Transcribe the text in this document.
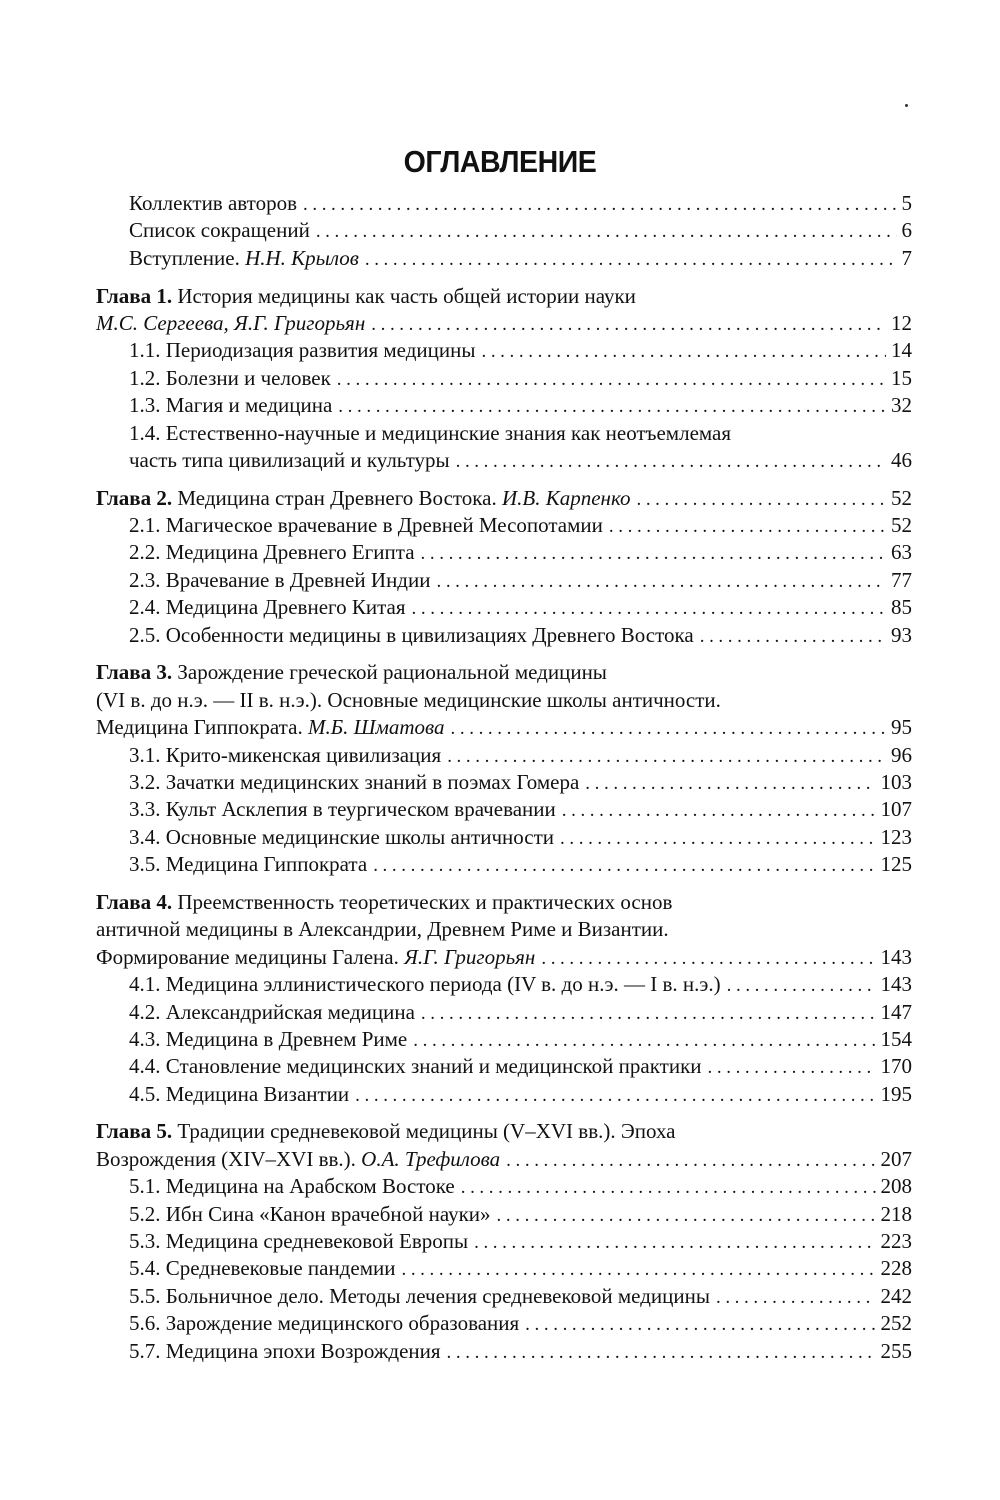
ОГЛАВЛЕНИЕ
Коллектив авторов .....	5
Список сокращений .....	6
Вступление. Н.Н. Крылов .....	7
Глава 1. История медицины как часть общей истории науки
М.С. Сергеева, Я.Г. Григорьян .....	12
1.1. Периодизация развития медицины .....	14
1.2. Болезни и человек .....	15
1.3. Магия и медицина .....	32
1.4. Естественно-научные и медицинские знания как неотъемлемая
часть типа цивилизаций и культуры .....	46
Глава 2. Медицина стран Древнего Востока. И.В. Карпенко .....	52
2.1. Магическое врачевание в Древней Месопотамии .....	52
2.2. Медицина Древнего Египта .....	63
2.3. Врачевание в Древней Индии .....	77
2.4. Медицина Древнего Китая .....	85
2.5. Особенности медицины в цивилизациях Древнего Востока .....	93
Глава 3. Зарождение греческой рациональной медицины
(VI в. до н.э. — II в. н.э.). Основные медицинские школы античности.
Медицина Гиппократа. М.Б. Шматова .....	95
3.1. Крито-микенская цивилизация .....	96
3.2. Зачатки медицинских знаний в поэмах Гомера .....	103
3.3. Культ Асклепия в теургическом врачевании .....	107
3.4. Основные медицинские школы античности .....	123
3.5. Медицина Гиппократа .....	125
Глава 4. Преемственность теоретических и практических основ
античной медицины в Александрии, Древнем Риме и Византии.
Формирование медицины Галена. Я.Г. Григорьян .....	143
4.1. Медицина эллинистического периода (IV в. до н.э. — I в. н.э.) .....	143
4.2. Александрийская медицина .....	147
4.3. Медицина в Древнем Риме .....	154
4.4. Становление медицинских знаний и медицинской практики .....	170
4.5. Медицина Византии .....	195
Глава 5. Традиции средневековой медицины (V–XVI вв.). Эпоха
Возрождения (XIV–XVI вв.). О.А. Трефилова .....	207
5.1. Медицина на Арабском Востоке .....	208
5.2. Ибн Сина «Канон врачебной науки» .....	218
5.3. Медицина средневековой Европы .....	223
5.4. Средневековые пандемии .....	228
5.5. Больничное дело. Методы лечения средневековой медицины .....	242
5.6. Зарождение медицинского образования .....	252
5.7. Медицина эпохи Возрождения .....	255
